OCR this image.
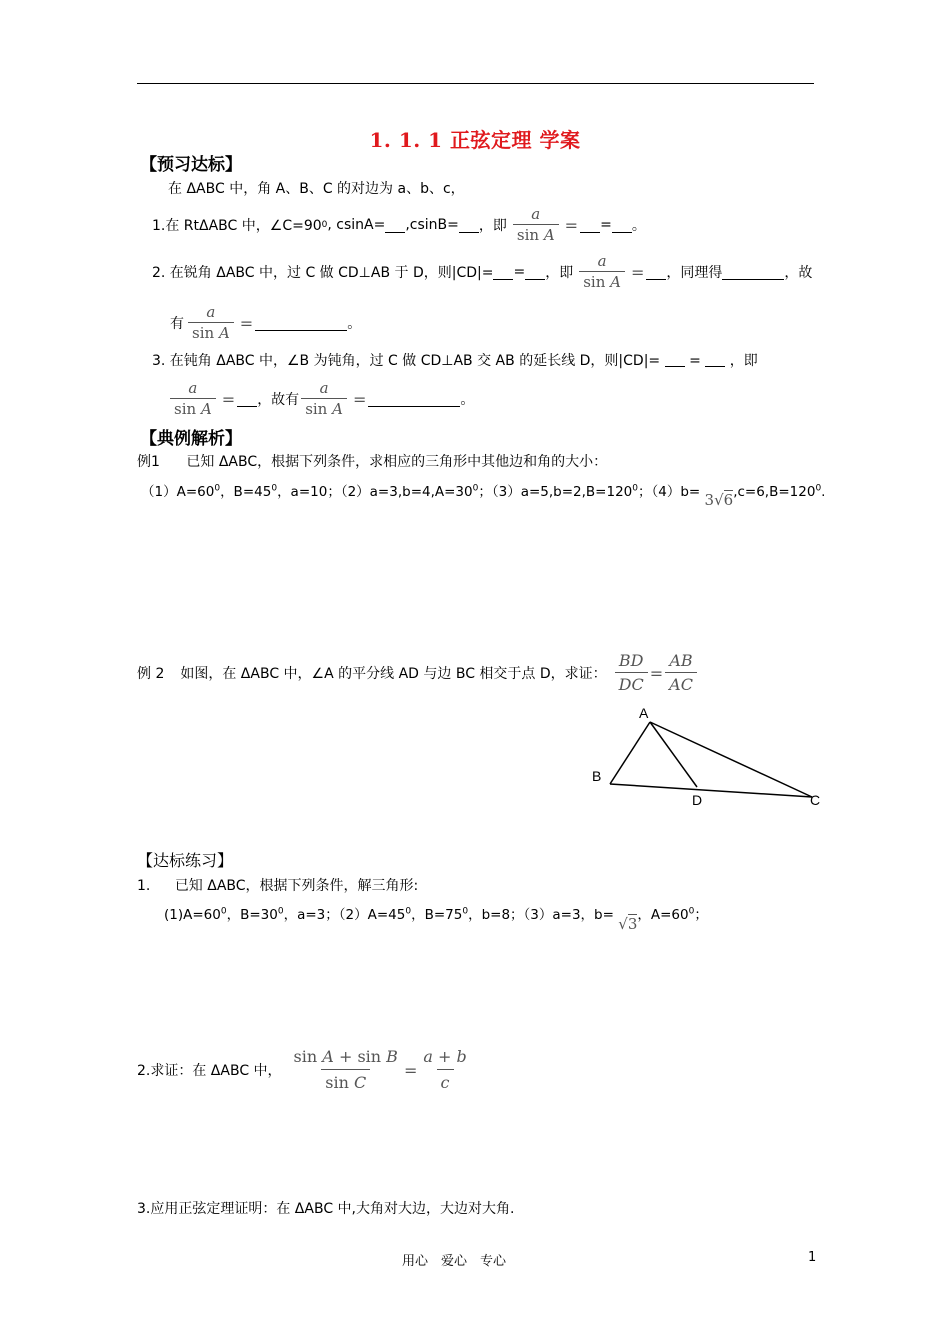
1. 1. 1 正弦定理 学案
【预习达标】
在 ΔABC 中，角 A、B、C 的对边为 a、b、c，
1.在 RtΔABC 中，∠C=90 0 , csinA= ,csinB= ，即 $\frac{a}{\text{sin A}}$ = = 。
2. 在锐角 ΔABC 中，过 C 做 CD⊥AB 于 D，则|CD|= = ，即 $\frac{a}{\text{sin A}}$ = ，同理得	，故
有 $\frac{a}{\text{sin A}}$ =	。
3. 在钝角 ΔABC 中，∠B 为钝角，过 C 做 CD⊥AB 交 AB 的延长线 D，则|CD|= = ，即
$\frac{a}{\text{sin A}}$ = ，故有 $\frac{a}{\text{sin A}}$ =	。
【典例解析】
例1 已知 ΔABC，根据下列条件，求相应的三角形中其他边和角的大小：
$(1)A=60^0$，$B=45^0$，a=10；$(2)a=3,b=4,A=30^0$；$(3)a=5,b=2,B=120^0$；$(4)b= 3√6,c=6,B=120^0$.
例 2 如图，在 ΔABC 中，∠A 的平分线 AD 与边 BC 相交于点 D，求证： $\frac{BD}{DC} = \frac{AB}{AC}$
A
B
C
D
【达标练习】
1. 已知 ΔABC，根据下列条件，解三角形:
$(1)A=60^0$，$B=30^0$，a=3；$(2)A=45^0$，$B=75^0$，b=8；（3）a=3，b= √3，$A=60^0$；
2.求证：在 ΔABC 中， $\frac{\text{sin A + sin B}}{\text{sin C}} = \frac{a + b}{c}$
3.应用正弦定理证明：在 ΔABC 中,大角对大边，大边对大角.
用心　爱心　专心	1
